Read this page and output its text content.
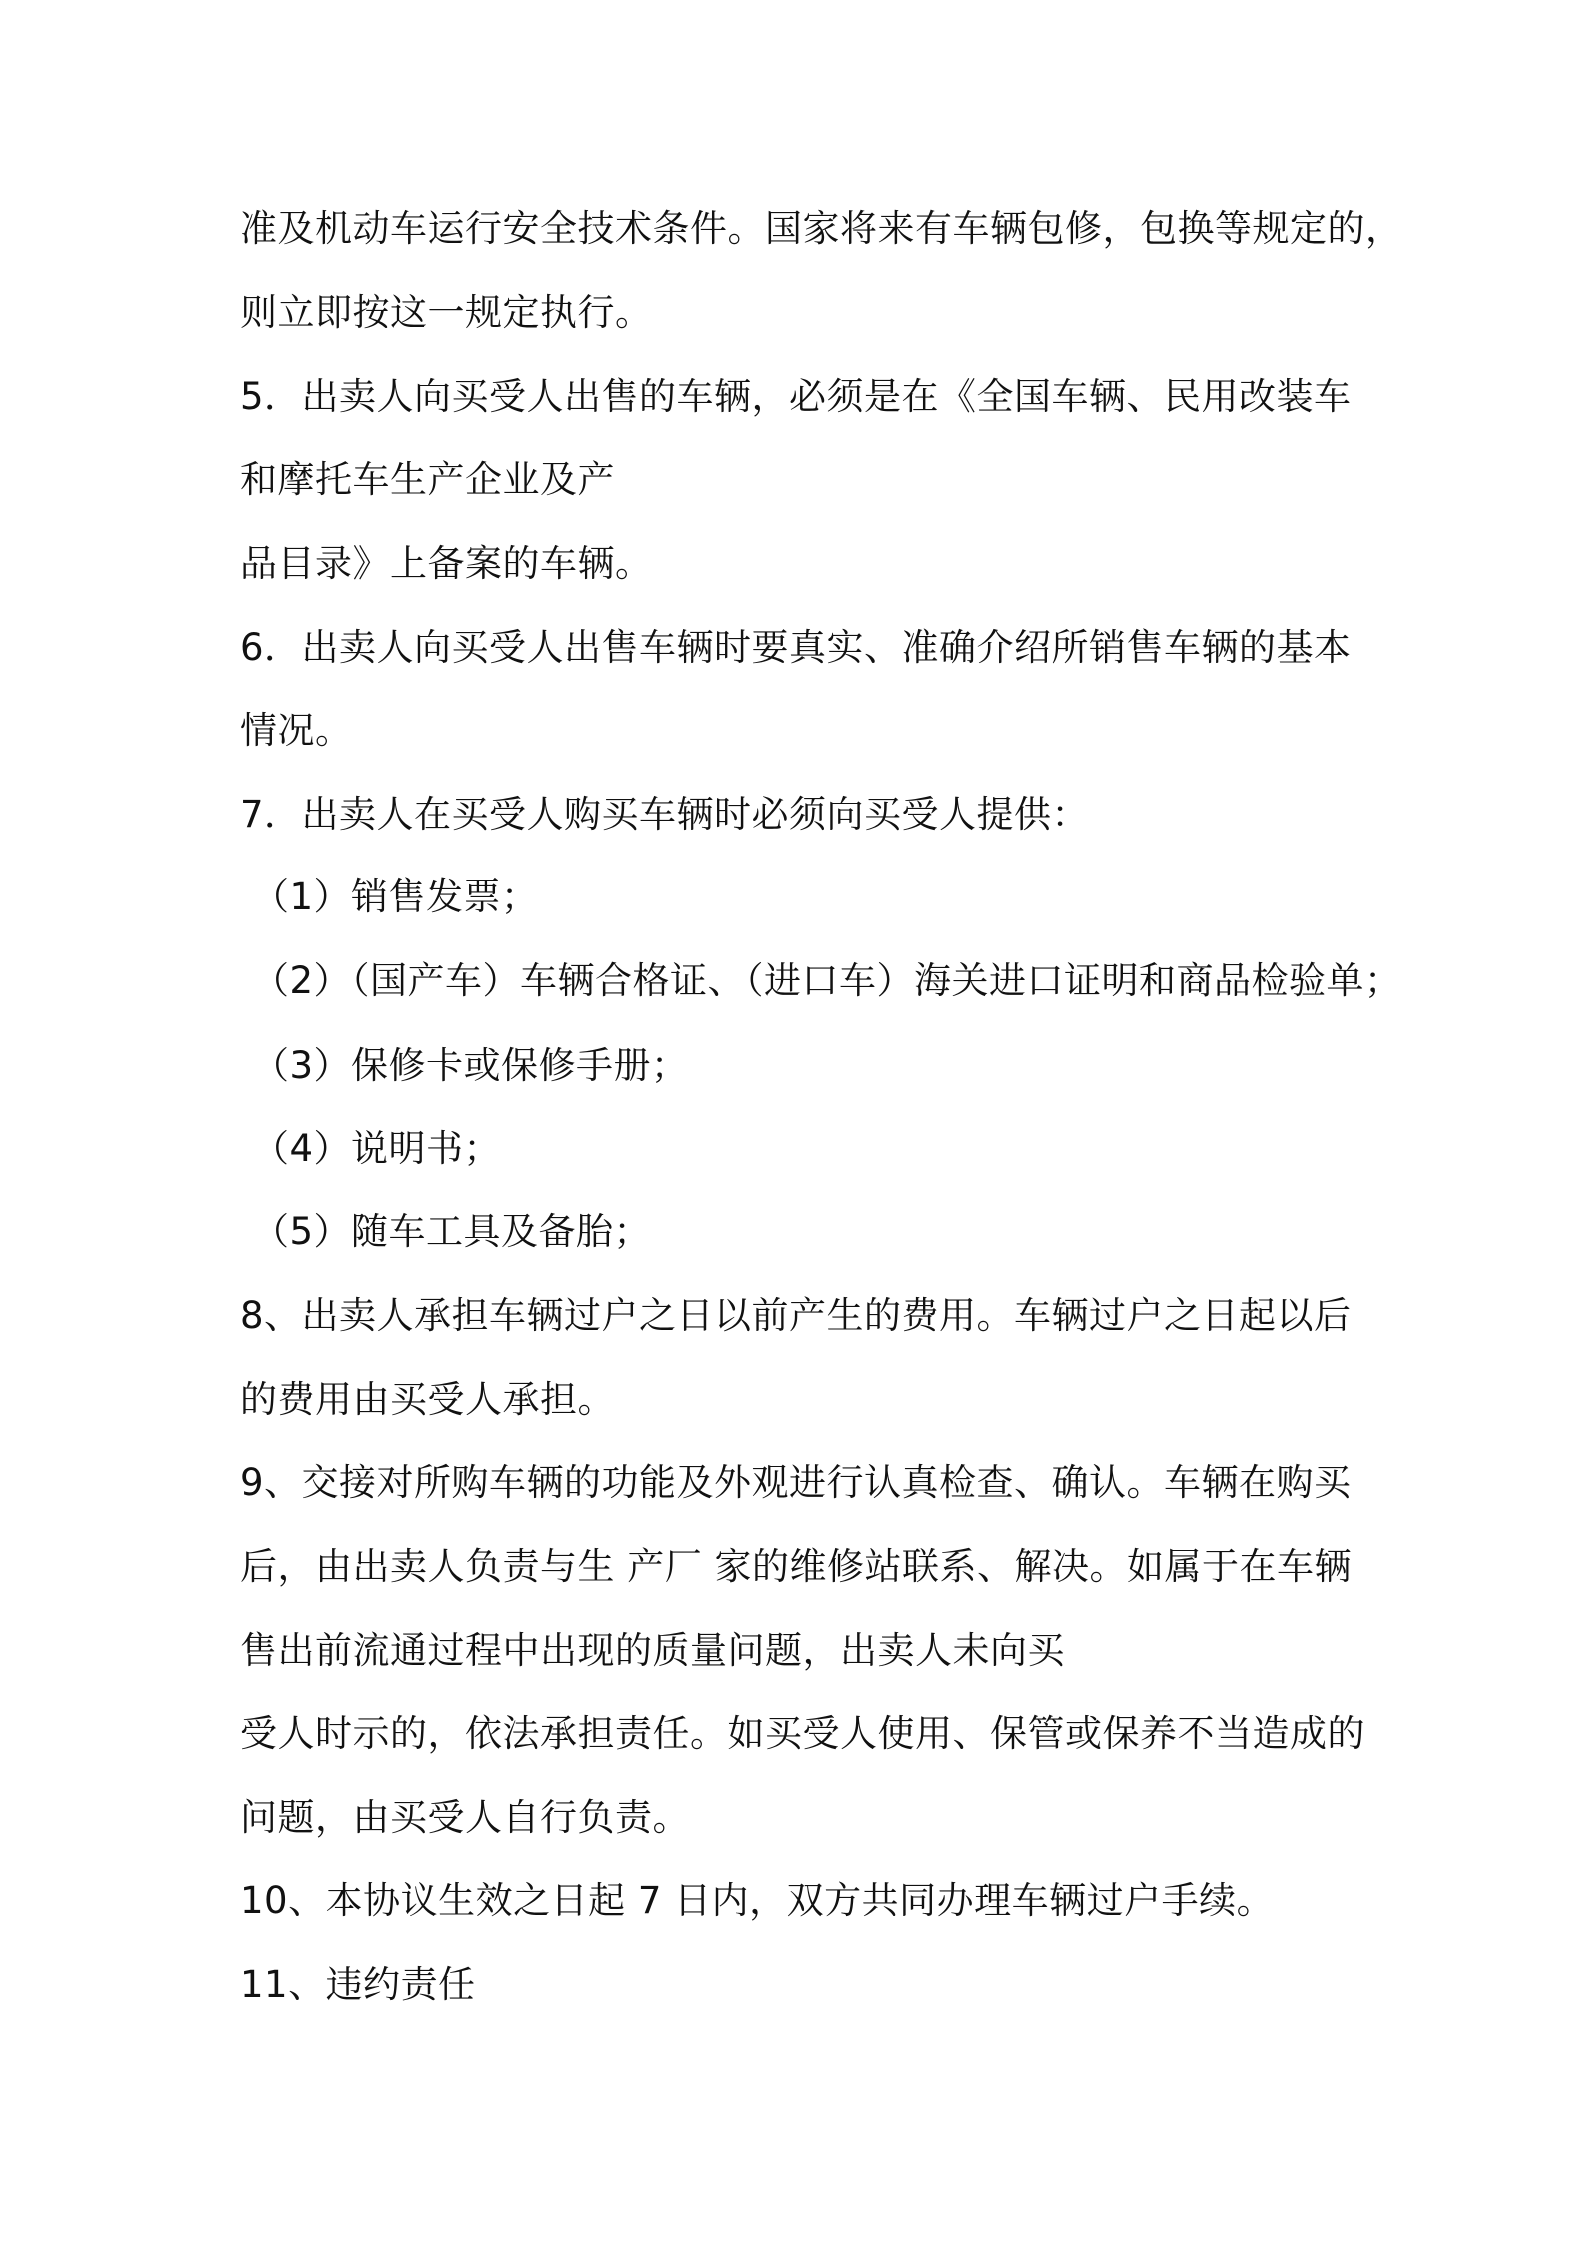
准及机动车运行安全技术条件。国家将来有车辆包修，包换等规定的，

则立即按这一规定执行。

5．出卖人向买受人出售的车辆，必须是在《全国车辆、民用改装车

和摩托车生产企业及产

品目录》上备案的车辆。

6．出卖人向买受人出售车辆时要真实、准确介绍所销售车辆的基本

情况。

7．出卖人在买受人购买车辆时必须向买受人提供：

（1）销售发票；

（2）（国产车）车辆合格证、（进口车）海关进口证明和商品检验单；

（3）保修卡或保修手册；

（4）说明书；

（5）随车工具及备胎；

8、出卖人承担车辆过户之日以前产生的费用。车辆过户之日起以后

的费用由买受人承担。

9、交接对所购车辆的功能及外观进行认真检查、确认。车辆在购买

后，由出卖人负责与生 产厂 家的维修站联系、解决。如属于在车辆

售出前流通过程中出现的质量问题，出卖人未向买

受人时示的，依法承担责任。如买受人使用、保管或保养不当造成的

问题，由买受人自行负责。

10、本协议生效之日起 7 日内，双方共同办理车辆过户手续。

11、违约责任
